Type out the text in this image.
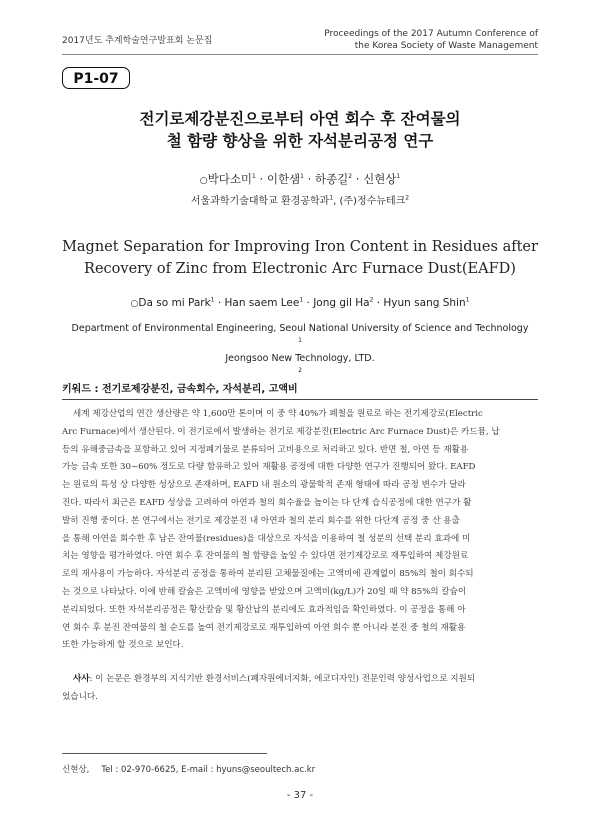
2017년도 추계학술연구발표회 논문집
Proceedings of the 2017 Autumn Conference of
the Korea Society of Waste Management
P1-07
전기로제강분진으로부터 아연 회수 후 잔여물의
철 함량 향상을 위한 자석분리공정 연구
○박다소미$^1$ · 이한샘$^1$ · 하종길$^2$ · 신현상$^1$
서울과학기술대학교 환경공학과$^1$, (주)정수뉴테크$^2$
Magnet Separation for Improving Iron Content in Residues after
Recovery of Zinc from Electronic Arc Furnace Dust(EAFD)
○Da so mi Park$^1$ · Han saem Lee$^1$ · Jong gil $Ha^2$ · Hyun sang Shin$^1$
Department of Environmental Engineering, Seoul National University of Science and Technology
$^1$
Jeongsoo New Technology, LTD.
$^2$
키워드 : 전기로제강분진, 금속회수, 자석분리, 고액비
세계 제강산업의 연간 생산량은 약 1,600만 톤이며 이 중 약 40%가 폐철을 원료로 하는 전기제강로(Electric
Arc Furnace)에서 생산된다. 이 전기로에서 발생하는 전기로 제강분진(Electric Arc Furnace Dust)은 카드뮴, 납
등의 유해중금속을 포함하고 있어 지정폐기물로 분류되어 고비용으로 처리하고 있다. 반면 철, 아연 등 재활용
가능 금속 또한 30~60% 정도로 다량 함유하고 있어 재활용 공정에 대한 다양한 연구가 진행되어 왔다. EAFD
는 원료의 특성 상 다양한 성상으로 존재하며, EAFD 내 원소의 광물학적 존재 형태에 따라 공정 변수가 달라
진다. 따라서 최근은 EAFD 성상을 고려하여 아연과 철의 회수율을 높이는 다 단계 습식공정에 대한 연구가 활
발히 진행 중이다. 본 연구에서는 전기로 제강분진 내 아연과 철의 분리 회수를 위한 다단계 공정 중 산 용출
을 통해 아연을 회수한 후 남은 잔여물(residues)을 대상으로 자석을 이용하여 철 성분의 선택 분리 효과에 미
치는 영향을 평가하였다. 아연 회수 후 잔여물의 철 함량을 높일 수 있다면 전기제강로로 재투입하여 제강원료
로의 재사용이 가능하다. 자석분리 공정을 통하여 분리된 고체물질에는 고액비에 관계없이 85%의 철이 회수되
는 것으로 나타났다. 이에 반해 칼슘은 고액비에 영향을 받았으며 고액비(kg/L)가 20일 때 약 85%의 칼슘이
분리되었다. 또한 자석분리공정은 황산칼슘 및 황산납의 분리에도 효과적임을 확인하였다. 이 공정을 통해 아
연 회수 후 분진 잔여물의 철 순도를 높여 전기제강로로 재투입하여 아연 회수 뿐 아니라 분진 중 철의 재활용
또한 가능하게 할 것으로 보인다.
사사: 이 논문은 환경부의 지식기반 환경서비스(폐자원에너지화, 에코디자인) 전문인력 양성사업으로 지원되
었습니다.
신현상, Tel : 02-970-6625, E-mail : hyuns@seoultech.ac.kr
- 37 -
